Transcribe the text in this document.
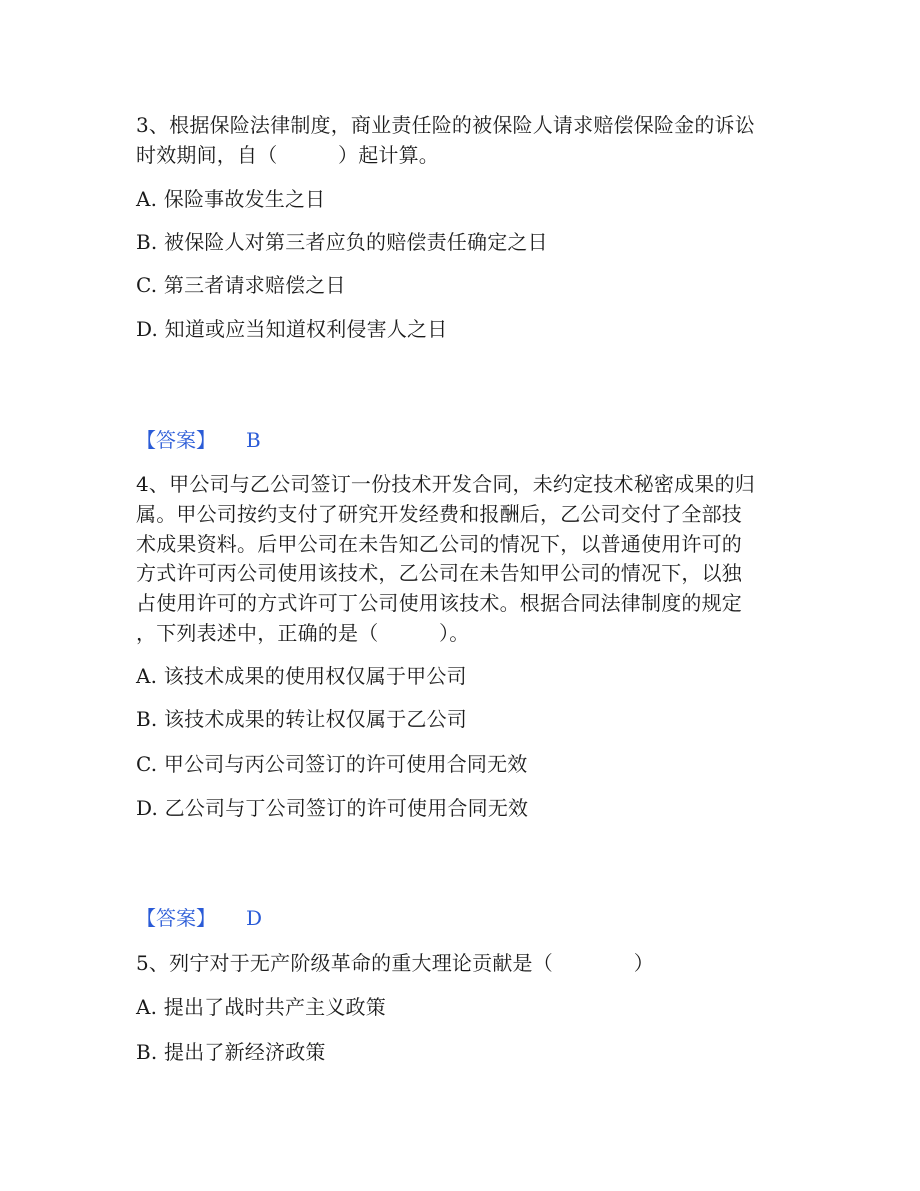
3、根据保险法律制度，商业责任险的被保险人请求赔偿保险金的诉讼
时效期间，自（　　　）起计算。
A. 保险事故发生之日
B. 被保险人对第三者应负的赔偿责任确定之日
C. 第三者请求赔偿之日
D. 知道或应当知道权利侵害人之日
【答案】 B
4、甲公司与乙公司签订一份技术开发合同，未约定技术秘密成果的归
属。甲公司按约支付了研究开发经费和报酬后，乙公司交付了全部技
术成果资料。后甲公司在未告知乙公司的情况下，以普通使用许可的
方式许可丙公司使用该技术，乙公司在未告知甲公司的情况下，以独
占使用许可的方式许可丁公司使用该技术。根据合同法律制度的规定
，下列表述中，正确的是（　　　）。
A. 该技术成果的使用权仅属于甲公司
B. 该技术成果的转让权仅属于乙公司
C. 甲公司与丙公司签订的许可使用合同无效
D. 乙公司与丁公司签订的许可使用合同无效
【答案】 D
5、列宁对于无产阶级革命的重大理论贡献是（　　　　）
A. 提出了战时共产主义政策
B. 提出了新经济政策
